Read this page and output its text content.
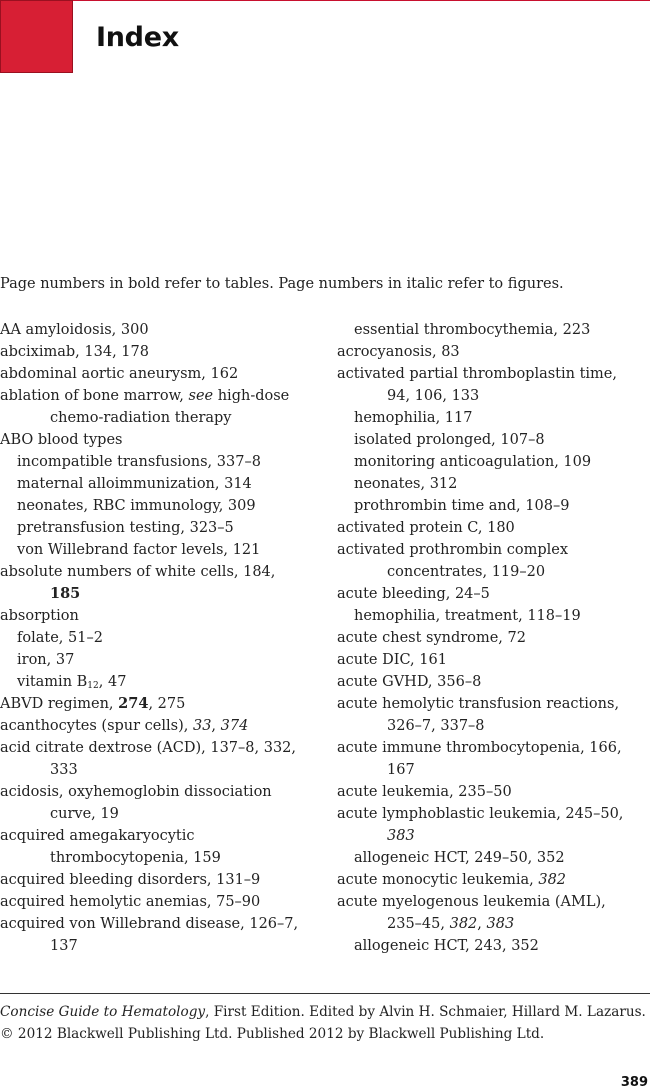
Index
Page numbers in bold refer to tables. Page numbers in italic refer to figures.
AA amyloidosis, 300
abciximab, 134, 178
abdominal aortic aneurysm, 162
ablation of bone marrow, see high-dose
chemo-radiation therapy
ABO blood types
incompatible transfusions, 337–8
maternal alloimmunization, 314
neonates, RBC immunology, 309
pretransfusion testing, 323–5
von Willebrand factor levels, 121
absolute numbers of white cells, 184,
185
absorption
folate, 51–2
iron, 37
vitamin $B_{12}$, 47
ABVD regimen, 274, 275
acanthocytes (spur cells), 33, 374
acid citrate dextrose (ACD), 137–8, 332,
333
acidosis, oxyhemoglobin dissociation
curve, 19
acquired amegakaryocytic
thrombocytopenia, 159
acquired bleeding disorders, 131–9
acquired hemolytic anemias, 75–90
acquired von Willebrand disease, 126–7,
137
essential thrombocythemia, 223
acrocyanosis, 83
activated partial thromboplastin time,
94, 106, 133
hemophilia, 117
isolated prolonged, 107–8
monitoring anticoagulation, 109
neonates, 312
prothrombin time and, 108–9
activated protein C, 180
activated prothrombin complex
concentrates, 119–20
acute bleeding, 24–5
hemophilia, treatment, 118–19
acute chest syndrome, 72
acute DIC, 161
acute GVHD, 356–8
acute hemolytic transfusion reactions,
326–7, 337–8
acute immune thrombocytopenia, 166,
167
acute leukemia, 235–50
acute lymphoblastic leukemia, 245–50,
383
allogeneic HCT, 249–50, 352
acute monocytic leukemia, 382
acute myelogenous leukemia (AML),
235–45, 382, 383
allogeneic HCT, 243, 352
Concise Guide to Hematology, First Edition. Edited by Alvin H. Schmaier, Hillard M. Lazarus.
© 2012 Blackwell Publishing Ltd. Published 2012 by Blackwell Publishing Ltd.
389
